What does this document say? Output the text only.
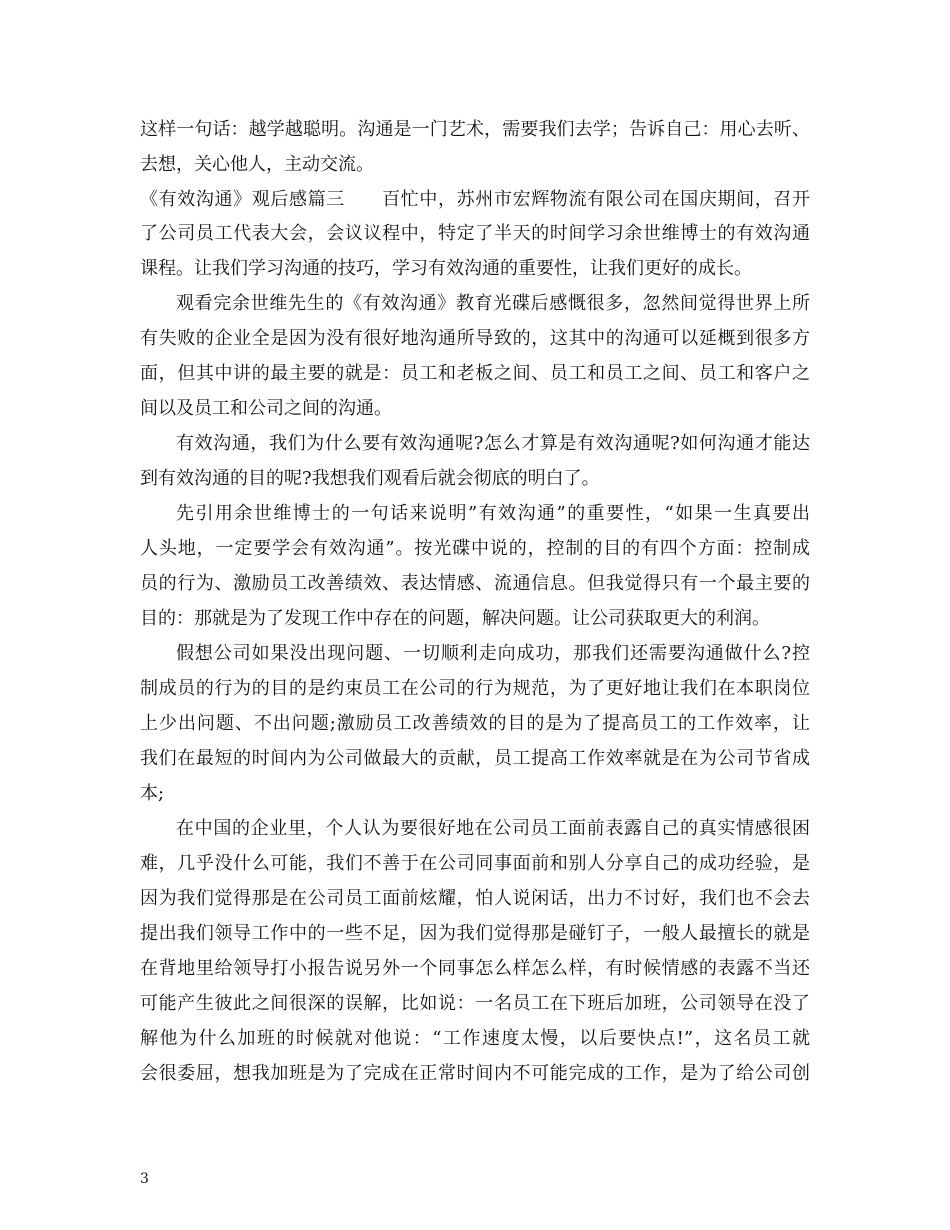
这样一句话：越学越聪明。沟通是一门艺术，需要我们去学；告诉自己：用心去听、
去想，关心他人，主动交流。
《有效沟通》观后感篇三　　百忙中，苏州市宏辉物流有限公司在国庆期间，召开
了公司员工代表大会，会议议程中，特定了半天的时间学习余世维博士的有效沟通
课程。让我们学习沟通的技巧，学习有效沟通的重要性，让我们更好的成长。
观看完余世维先生的《有效沟通》教育光碟后感慨很多，忽然间觉得世界上所
有失败的企业全是因为没有很好地沟通所导致的，这其中的沟通可以延概到很多方
面，但其中讲的最主要的就是：员工和老板之间、员工和员工之间、员工和客户之
间以及员工和公司之间的沟通。
有效沟通，我们为什么要有效沟通呢?怎么才算是有效沟通呢?如何沟通才能达
到有效沟通的目的呢?我想我们观看后就会彻底的明白了。
先引用余世维博士的一句话来说明”有效沟通”的重要性，“如果一生真要出
人头地，一定要学会有效沟通”。按光碟中说的，控制的目的有四个方面：控制成
员的行为、激励员工改善绩效、表达情感、流通信息。但我觉得只有一个最主要的
目的：那就是为了发现工作中存在的问题，解决问题。让公司获取更大的利润。
假想公司如果没出现问题、一切顺利走向成功，那我们还需要沟通做什么?控
制成员的行为的目的是约束员工在公司的行为规范，为了更好地让我们在本职岗位
上少出问题、不出问题;激励员工改善绩效的目的是为了提高员工的工作效率，让
我们在最短的时间内为公司做最大的贡献，员工提高工作效率就是在为公司节省成
本;
在中国的企业里，个人认为要很好地在公司员工面前表露自己的真实情感很困
难，几乎没什么可能，我们不善于在公司同事面前和别人分享自己的成功经验，是
因为我们觉得那是在公司员工面前炫耀，怕人说闲话，出力不讨好，我们也不会去
提出我们领导工作中的一些不足，因为我们觉得那是碰钉子，一般人最擅长的就是
在背地里给领导打小报告说另外一个同事怎么样怎么样，有时候情感的表露不当还
可能产生彼此之间很深的误解，比如说：一名员工在下班后加班，公司领导在没了
解他为什么加班的时候就对他说：“工作速度太慢，以后要快点!”，这名员工就
会很委屈，想我加班是为了完成在正常时间内不可能完成的工作，是为了给公司创
3
